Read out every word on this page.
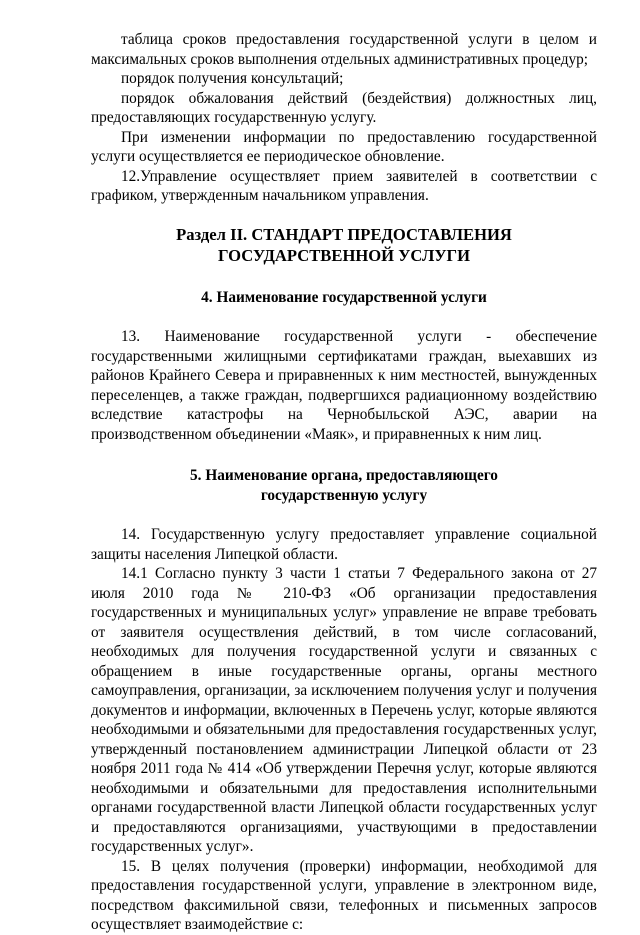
таблица сроков предоставления государственной услуги в целом и максимальных сроков выполнения отдельных административных процедур;

порядок получения консультаций;

порядок обжалования действий (бездействия) должностных лиц, предоставляющих государственную услугу.

При изменении информации по предоставлению государственной услуги осуществляется ее периодическое обновление.

12.Управление осуществляет прием заявителей в соответствии с графиком, утвержденным начальником управления.

Раздел II. СТАНДАРТ ПРЕДОСТАВЛЕНИЯ ГОСУДАРСТВЕННОЙ УСЛУГИ

4. Наименование государственной услуги

13. Наименование государственной услуги - обеспечение государственными жилищными сертификатами граждан, выехавших из районов Крайнего Севера и приравненных к ним местностей, вынужденных переселенцев, а также граждан, подвергшихся радиационному воздействию вследствие катастрофы на Чернобыльской АЭС, аварии на производственном объединении «Маяк», и приравненных к ним лиц.

5. Наименование органа, предоставляющего
государственную услугу

14. Государственную услугу предоставляет управление социальной защиты населения Липецкой области.

14.1 Согласно пункту 3 части 1 статьи 7 Федерального закона от 27 июля 2010 года № 210-ФЗ «Об организации предоставления государственных и муниципальных услуг» управление не вправе требовать от заявителя осуществления действий, в том числе согласований, необходимых для получения государственной услуги и связанных с обращением в иные государственные органы, органы местного самоуправления, организации, за исключением получения услуг и получения документов и информации, включенных в Перечень услуг, которые являются необходимыми и обязательными для предоставления государственных услуг, утвержденный постановлением администрации Липецкой области от 23 ноября 2011 года № 414 «Об утверждении Перечня услуг, которые являются необходимыми и обязательными для предоставления исполнительными органами государственной власти Липецкой области государственных услуг и предоставляются организациями, участвующими в предоставлении государственных услуг».

15. В целях получения (проверки) информации, необходимой для предоставления государственной услуги, управление в электронном виде, посредством факсимильной связи, телефонных и письменных запросов осуществляет взаимодействие с:
